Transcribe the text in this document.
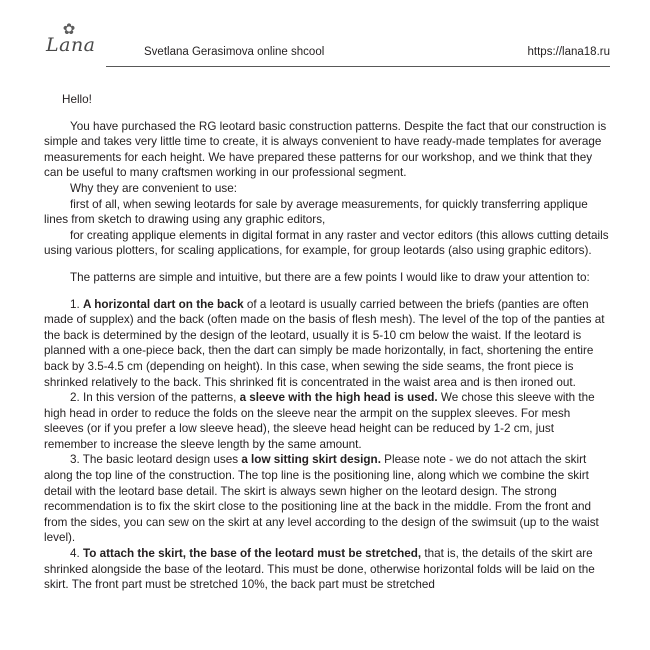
✿
Lana	Svetlana Gerasimova online shcool	https://lana18.ru

Hello!

You have purchased the RG leotard basic construction patterns. Despite the fact that our construction is simple and takes very little time to create, it is always convenient to have ready-made templates for average measurements for each height. We have prepared these patterns for our workshop, and we think that they can be useful to many craftsmen working in our professional segment.

Why they are convenient to use:

first of all, when sewing leotards for sale by average measurements, for quickly transferring applique lines from sketch to drawing using any graphic editors,

for creating applique elements in digital format in any raster and vector editors (this allows cutting details using various plotters, for scaling applications, for example, for group leotards (also using graphic editors).

The patterns are simple and intuitive, but there are a few points I would like to draw your attention to:

1. A horizontal dart on the back of a leotard is usually carried between the briefs (panties are often made of supplex) and the back (often made on the basis of flesh mesh). The level of the top of the panties at the back is determined by the design of the leotard, usually it is 5-10 cm below the waist. If the leotard is planned with a one-piece back, then the dart can simply be made horizontally, in fact, shortening the entire back by 3.5-4.5 cm (depending on height). In this case, when sewing the side seams, the front piece is shrinked relatively to the back. This shrinked fit is concentrated in the waist area and is then ironed out.

2. In this version of the patterns, a sleeve with the high head is used. We chose this sleeve with the high head in order to reduce the folds on the sleeve near the armpit on the supplex sleeves. For mesh sleeves (or if you prefer a low sleeve head), the sleeve head height can be reduced by 1-2 cm, just remember to increase the sleeve length by the same amount.

3. The basic leotard design uses a low sitting skirt design. Please note - we do not attach the skirt along the top line of the construction. The top line is the positioning line, along which we combine the skirt detail with the leotard base detail. The skirt is always sewn higher on the leotard design. The strong recommendation is to fix the skirt close to the positioning line at the back in the middle. From the front and from the sides, you can sew on the skirt at any level according to the design of the swimsuit (up to the waist level).

4. To attach the skirt, the base of the leotard must be stretched, that is, the details of the skirt are shrinked alongside the base of the leotard. This must be done, otherwise horizontal folds will be laid on the skirt. The front part must be stretched 10%, the back part must be stretched
